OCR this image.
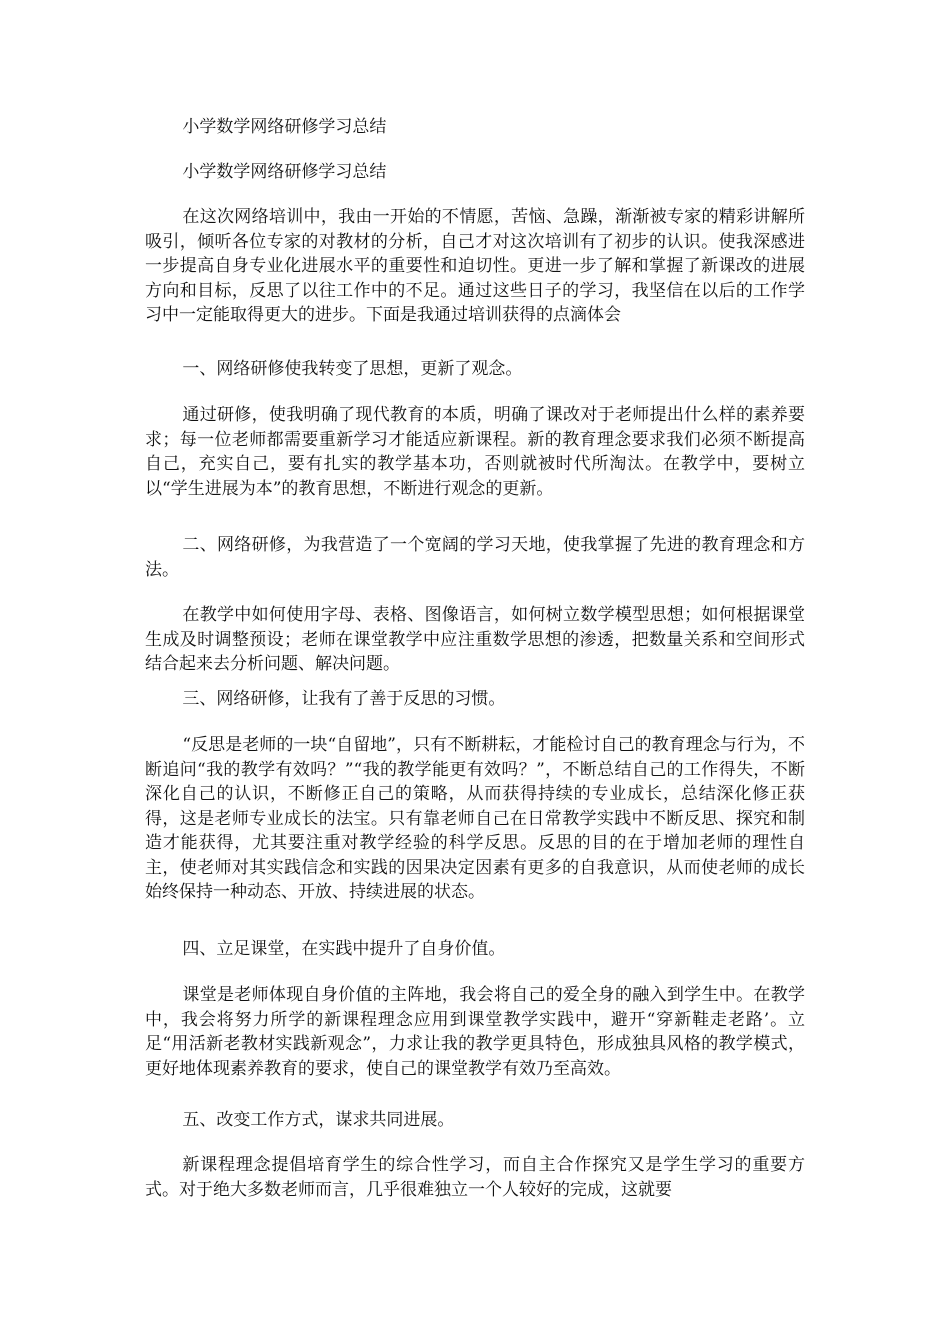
小学数学网络研修学习总结
小学数学网络研修学习总结
在这次网络培训中，我由一开始的不情愿，苦恼、急躁，渐渐被专家的精彩讲解所吸引，倾听各位专家的对教材的分析，自己才对这次培训有了初步的认识。使我深感进一步提高自身专业化进展水平的重要性和迫切性。更进一步了解和掌握了新课改的进展方向和目标，反思了以往工作中的不足。通过这些日子的学习，我坚信在以后的工作学习中一定能取得更大的进步。下面是我通过培训获得的点滴体会
一、网络研修使我转变了思想，更新了观念。
通过研修，使我明确了现代教育的本质，明确了课改对于老师提出什么样的素养要求；每一位老师都需要重新学习才能适应新课程。新的教育理念要求我们必须不断提高自己，充实自己，要有扎实的教学基本功，否则就被时代所淘汰。在教学中，要树立以“学生进展为本”的教育思想，不断进行观念的更新。
二、网络研修，为我营造了一个宽阔的学习天地，使我掌握了先进的教育理念和方法。
在教学中如何使用字母、表格、图像语言，如何树立数学模型思想；如何根据课堂生成及时调整预设；老师在课堂教学中应注重数学思想的渗透，把数量关系和空间形式结合起来去分析问题、解决问题。
三、网络研修，让我有了善于反思的习惯。
“反思是老师的一块“自留地”，只有不断耕耘，才能检讨自己的教育理念与行为，不断追问“我的教学有效吗？”“我的教学能更有效吗？”，不断总结自己的工作得失，不断深化自己的认识，不断修正自己的策略，从而获得持续的专业成长，总结深化修正获得，这是老师专业成长的法宝。只有靠老师自己在日常教学实践中不断反思、探究和制造才能获得，尤其要注重对教学经验的科学反思。反思的目的在于增加老师的理性自主，使老师对其实践信念和实践的因果决定因素有更多的自我意识，从而使老师的成长始终保持一种动态、开放、持续进展的状态。
四、立足课堂，在实践中提升了自身价值。
课堂是老师体现自身价值的主阵地，我会将自己的爱全身的融入到学生中。在教学中，我会将努力所学的新课程理念应用到课堂教学实践中，避开“穿新鞋走老路’。立足“用活新老教材实践新观念”，力求让我的教学更具特色，形成独具风格的教学模式，更好地体现素养教育的要求，使自己的课堂教学有效乃至高效。
五、改变工作方式，谋求共同进展。
新课程理念提倡培育学生的综合性学习，而自主合作探究又是学生学习的重要方式。对于绝大多数老师而言，几乎很难独立一个人较好的完成，这就要
